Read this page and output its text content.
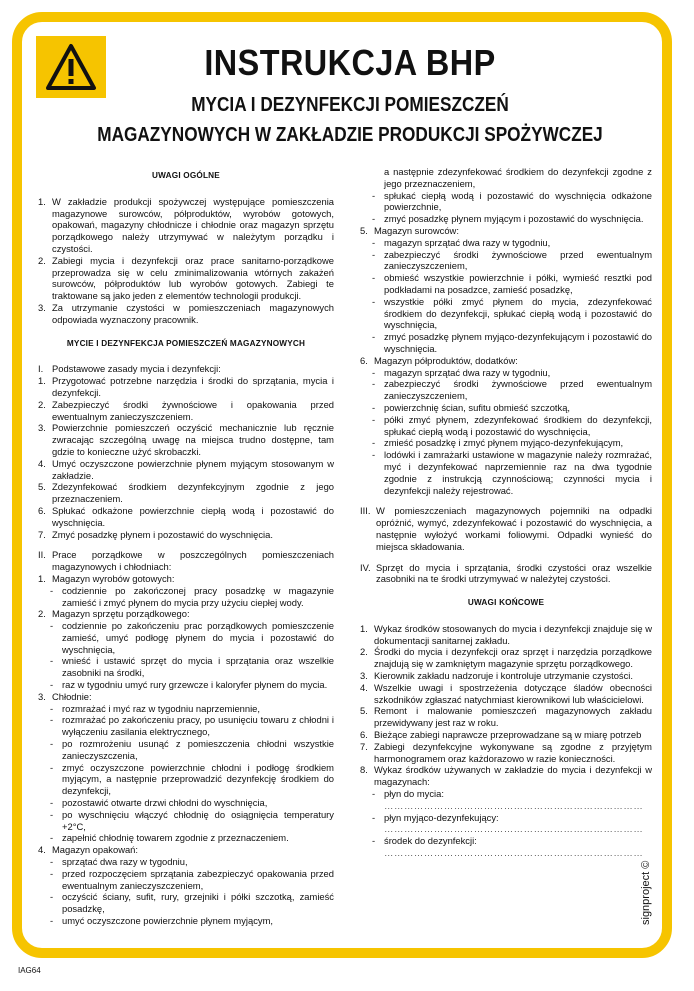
INSTRUKCJA BHP
MYCIA I DEZYNFEKCJI POMIESZCZEŃ
MAGAZYNOWYCH W ZAKŁADZIE PRODUKCJI SPOŻYWCZEJ

UWAGI OGÓLNE

1. W zakładzie produkcji spożywczej występujące pomieszczenia magazynowe surowców, półproduktów, wyrobów gotowych, opakowań, magazyny chłodnicze i chłodnie oraz magazyn sprzętu porządkowego należy utrzymywać w należytym porządku i czystości.
2. Zabiegi mycia i dezynfekcji oraz prace sanitarno-porządkowe przeprowadza się w celu zminimalizowania wtórnych zakażeń surowców, półproduktów lub wyrobów gotowych. Zabiegi te traktowane są jako jeden z elementów technologii produkcji.
3. Za utrzymanie czystości w pomieszczeniach magazynowych odpowiada wyznaczony pracownik.

MYCIE I DEZYNFEKCJA POMIESZCZEŃ MAGAZYNOWYCH

I. Podstawowe zasady mycia i dezynfekcji:
1. Przygotować potrzebne narzędzia i środki do sprzątania, mycia i dezynfekcji.
2. Zabezpieczyć środki żywnościowe i opakowania przed ewentualnym zanieczyszczeniem.
3. Powierzchnie pomieszczeń oczyścić mechanicznie lub ręcznie zwracając szczególną uwagę na miejsca trudno dostępne, tam gdzie to konieczne użyć skrobaczki.
4. Umyć oczyszczone powierzchnie płynem myjącym stosowanym w zakładzie.
5. Zdezynfekować środkiem dezynfekcyjnym zgodnie z jego przeznaczeniem.
6. Spłukać odkażone powierzchnie ciepłą wodą i pozostawić do wyschnięcia.
7. Zmyć posadzkę płynem i pozostawić do wyschnięcia.
II. Prace porządkowe w poszczególnych pomieszczeniach magazynowych i chłodniach:
1. Magazyn wyrobów gotowych:
- codziennie po zakończonej pracy posadzkę w magazynie zamieść i zmyć płynem do mycia przy użyciu ciepłej wody.
2. Magazyn sprzętu porządkowego:
- codziennie po zakończeniu prac porządkowych pomieszczenie zamieść, umyć podłogę płynem do mycia i pozostawić do wyschnięcia,
- wnieść i ustawić sprzęt do mycia i sprzątania oraz wszelkie zasobniki na środki,
- raz w tygodniu umyć rury grzewcze i kaloryfer płynem do mycia.
3. Chłodnie:
- rozmrażać i myć raz w tygodniu naprzemiennie,
- rozmrażać po zakończeniu pracy, po usunięciu towaru z chłodni i wyłączeniu zasilania elektrycznego,
- po rozmrożeniu usunąć z pomieszczenia chłodni wszystkie zanieczyszczenia,
- zmyć oczyszczone powierzchnie chłodni i podłogę środkiem myjącym, a następnie przeprowadzić dezynfekcję środkiem do dezynfekcji,
- pozostawić otwarte drzwi chłodni do wyschnięcia,
- po wyschnięciu włączyć chłodnię do osiągnięcia temperatury +2°C,
- zapełnić chłodnię towarem zgodnie z przeznaczeniem.
4. Magazyn opakowań:
- sprzątać dwa razy w tygodniu,
- przed rozpoczęciem sprzątania zabezpieczyć opakowania przed ewentualnym zanieczyszczeniem,
- oczyścić ściany, sufit, rury, grzejniki i półki szczotką, zamieść posadzkę,
- umyć oczyszczone powierzchnie płynem myjącym,
a następnie zdezynfekować środkiem do dezynfekcji zgodne z jego przeznaczeniem,
- spłukać ciepłą wodą i pozostawić do wyschnięcia odkażone powierzchnie,
- zmyć posadzkę płynem myjącym i pozostawić do wyschnięcia.
5. Magazyn surowców:
- magazyn sprzątać dwa razy w tygodniu,
- zabezpieczyć środki żywnościowe przed ewentualnym zanieczyszczeniem,
- obmieść wszystkie powierzchnie i półki, wymieść resztki pod podkładami na posadzce, zamieść posadzkę,
- wszystkie półki zmyć płynem do mycia, zdezynfekować środkiem do dezynfekcji, spłukać ciepłą wodą i pozostawić do wyschnięcia,
- zmyć posadzkę płynem myjąco-dezynfekującym i pozostawić do wyschnięcia.
6. Magazyn półproduktów, dodatków:
- magazyn sprzątać dwa razy w tygodniu,
- zabezpieczyć środki żywnościowe przed ewentualnym zanieczyszczeniem,
- powierzchnię ścian, sufitu obmieść szczotką,
- półki zmyć płynem, zdezynfekować środkiem do dezynfekcji, spłukać ciepłą wodą i pozostawić do wyschnięcia,
- zmieść posadzkę i zmyć płynem myjąco-dezynfekującym,
- lodówki i zamrażarki ustawione w magazynie należy rozmrażać, myć i dezynfekować naprzemiennie raz na dwa tygodnie zgodnie z instrukcją czynnościową; czynności mycia i dezynfekcji należy rejestrować.
III. W pomieszczeniach magazynowych pojemniki na odpadki opróżnić, wymyć, zdezynfekować i pozostawić do wyschnięcia, a następnie wyłożyć workami foliowymi. Odpadki wynieść do miejsca składowania.
IV. Sprzęt do mycia i sprzątania, środki czystości oraz wszelkie zasobniki na te środki utrzymywać w należytej czystości.

UWAGI KOŃCOWE

1. Wykaz środków stosowanych do mycia i dezynfekcji znajduje się w dokumentacji sanitarnej zakładu.
2. Środki do mycia i dezynfekcji oraz sprzęt i narzędzia porządkowe znajdują się w zamkniętym magazynie sprzętu porządkowego.
3. Kierownik zakładu nadzoruje i kontroluje utrzymanie czystości.
4. Wszelkie uwagi i spostrzeżenia dotyczące śladów obecności szkodników zgłaszać natychmiast kierownikowi lub właścicielowi.
5. Remont i malowanie pomieszczeń magazynowych zakładu przewidywany jest raz w roku.
6. Bieżące zabiegi naprawcze przeprowadzane są w miarę potrzeb
7. Zabiegi dezynfekcyjne wykonywane są zgodne z przyjętym harmonogramem oraz każdorazowo w razie konieczności.
8. Wykaz środków używanych w zakładzie do mycia i dezynfekcji w magazynach:
- płyn do mycia:
……………………………………………………………………
- płyn myjąco-dezynfekujący:
……………………………………………………………………
- środek do dezynfekcji:
……………………………………………………………………
IAG64
signproject ©
